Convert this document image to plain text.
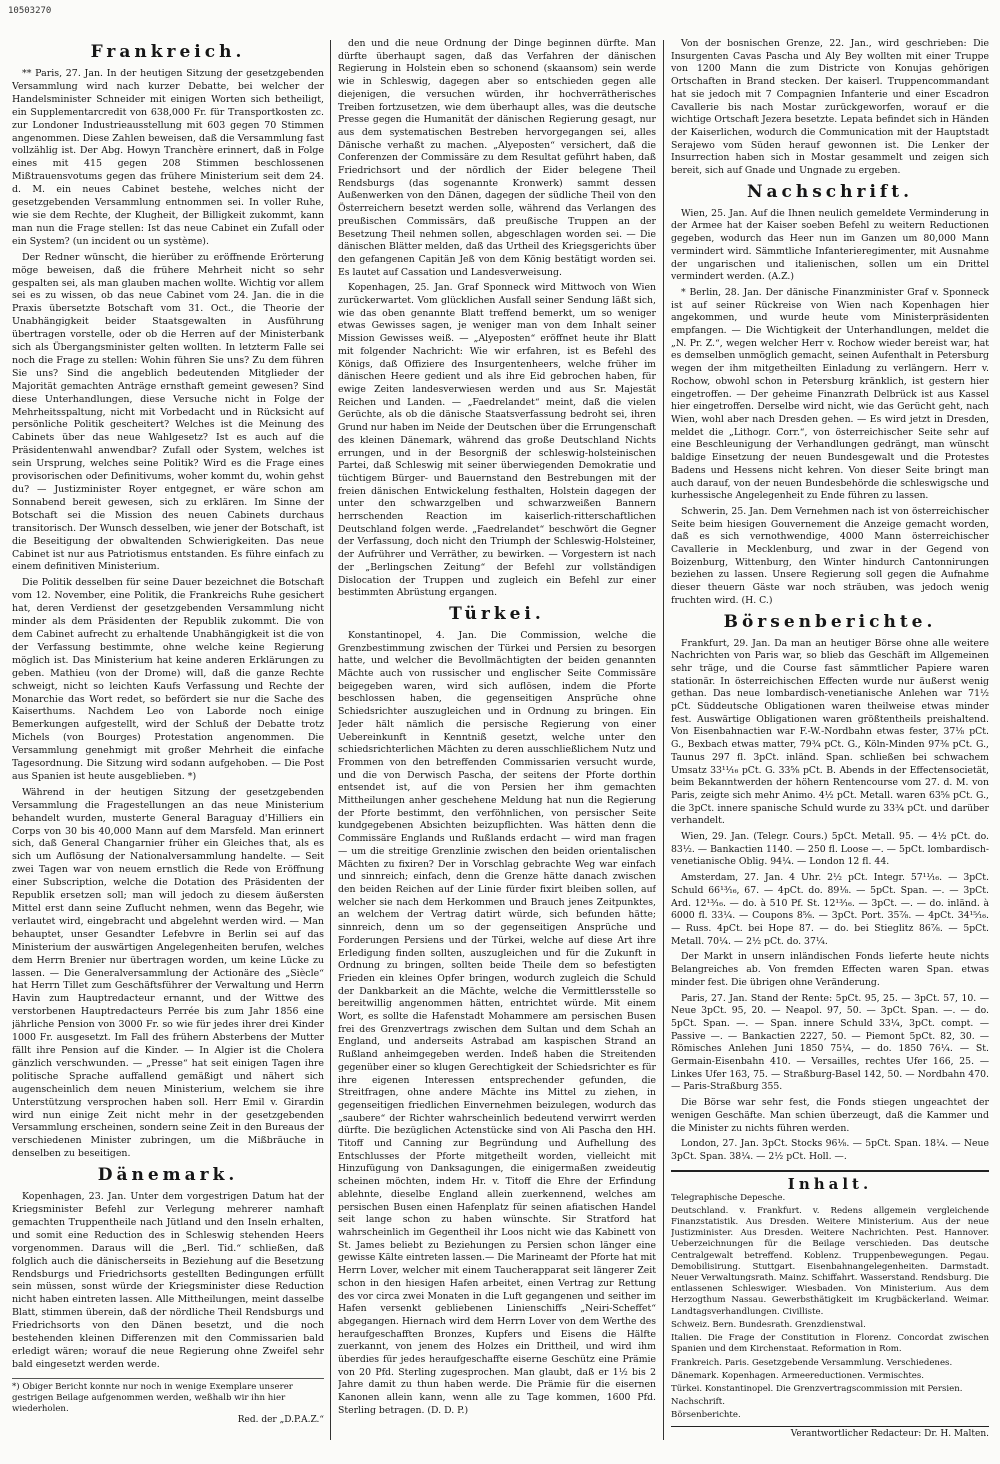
10503270
Frankreich.

** Paris, 27. Jan. In der heutigen Sitzung der gesetzgebenden Versammlung wird nach kurzer Debatte, bei welcher der Handelsminister Schneider mit einigen Worten sich betheiligt, ein Supplementarcredit von 638,000 Fr. für Transportkosten zc. zur Londoner Industrieausstellung mit 603 gegen 70 Stimmen angenommen. Diese Zahlen beweisen, daß die Versammlung fast vollzählig ist. Der Abg. Howyn Tranchère erinnert, daß in Folge eines mit 415 gegen 208 Stimmen beschlossenen Mißtrauensvotums gegen das frühere Ministerium seit dem 24. d. M. ein neues Cabinet bestehe, welches nicht der gesetzgebenden Versammlung entnommen sei. In voller Ruhe, wie sie dem Rechte, der Klugheit, der Billigkeit zukommt, kann man nun die Frage stellen: Ist das neue Cabinet ein Zufall oder ein System? (un incident ou un système).

Der Redner wünscht, die hierüber zu eröffnende Erörterung möge beweisen, daß die frühere Mehrheit nicht so sehr gespalten sei, als man glauben machen wollte. Wichtig vor allem sei es zu wissen, ob das neue Cabinet vom 24. Jan. die in die Praxis übersetzte Botschaft vom 31. Oct., die Theorie der Unabhängigkeit beider Staatsgewalten in Ausführung übertragen vorstelle, oder ob die Herren auf der Ministerbank sich als Übergangsminister gelten wollten. In letzterm Falle sei noch die Frage zu stellen: Wohin führen Sie uns? Zu dem führen Sie uns? Sind die angeblich bedeutenden Mitglieder der Majorität gemachten Anträge ernsthaft gemeint gewesen? Sind diese Unterhandlungen, diese Versuche nicht in Folge der Mehrheitsspaltung, nicht mit Vorbedacht und in Rücksicht auf persönliche Politik gescheitert? Welches ist die Meinung des Cabinets über das neue Wahlgesetz? Ist es auch auf die Präsidentenwahl anwendbar? Zufall oder System, welches ist sein Ursprung, welches seine Politik? Wird es die Frage eines provisorischen oder Definitivums, woher kommt du, wohin gehst du? — Justizminister Royer entgegnet, er wäre schon am Sonnabend bereit gewesen, sich zu erklären. Im Sinne der Botschaft sei die Mission des neuen Cabinets durchaus transitorisch. Der Wunsch desselben, wie jener der Botschaft, ist die Beseitigung der obwaltenden Schwierigkeiten. Das neue Cabinet ist nur aus Patriotismus entstanden. Es führe einfach zu einem definitiven Ministerium.

Die Politik desselben für seine Dauer bezeichnet die Botschaft vom 12. November, eine Politik, die Frankreichs Ruhe gesichert hat, deren Verdienst der gesetzgebenden Versammlung nicht minder als dem Präsidenten der Republik zukommt. Die von dem Cabinet aufrecht zu erhaltende Unabhängigkeit ist die von der Verfassung bestimmte, ohne welche keine Regierung möglich ist. Das Ministerium hat keine anderen Erklärungen zu geben. Mathieu (von der Drome) will, daß die ganze Rechte schweigt, nicht so leichten Kaufs Verfassung und Rechte der Monarchie das Wort redet, so befördert sie nur die Sache des Kaiserthums. Nachdem Leo von Laborde noch einige Bemerkungen aufgestellt, wird der Schluß der Debatte trotz Michels (von Bourges) Protestation angenommen. Die Versammlung genehmigt mit großer Mehrheit die einfache Tagesordnung. Die Sitzung wird sodann aufgehoben. — Die Post aus Spanien ist heute ausgeblieben. *)

Während in der heutigen Sitzung der gesetzgebenden Versammlung die Fragestellungen an das neue Ministerium behandelt wurden, musterte General Baraguay d'Hilliers ein Corps von 30 bis 40,000 Mann auf dem Marsfeld. Man erinnert sich, daß General Changarnier früher ein Gleiches that, als es sich um Auflösung der Nationalversammlung handelte. — Seit zwei Tagen war von neuem ernstlich die Rede von Eröffnung einer Subscription, welche die Dotation des Präsidenten der Republik ersetzen soll; man will jedoch zu diesem äußersten Mittel erst dann seine Zuflucht nehmen, wenn das Begehr, wie verlautet wird, eingebracht und abgelehnt werden wird. — Man behauptet, unser Gesandter Lefebvre in Berlin sei auf das Ministerium der auswärtigen Angelegenheiten berufen, welches dem Herrn Brenier nur übertragen worden, um keine Lücke zu lassen. — Die Generalversammlung der Actionäre des „Siècle“ hat Herrn Tillet zum Geschäftsführer der Verwaltung und Herrn Havin zum Hauptredacteur ernannt, und der Wittwe des verstorbenen Hauptredacteurs Perrée bis zum Jahr 1856 eine jährliche Pension von 3000 Fr. so wie für jedes ihrer drei Kinder 1000 Fr. ausgesetzt. Im Fall des frühern Absterbens der Mutter fällt ihre Pension auf die Kinder. — In Algier ist die Cholera gänzlich verschwunden. — „Presse“ hat seit einigen Tagen ihre politische Sprache auffallend gemäßigt und nähert sich augenscheinlich dem neuen Ministerium, welchem sie ihre Unterstützung versprochen haben soll. Herr Emil v. Girardin wird nun einige Zeit nicht mehr in der gesetzgebenden Versammlung erscheinen, sondern seine Zeit in den Bureaus der verschiedenen Minister zubringen, um die Mißbräuche in denselben zu beseitigen.

Dänemark.

Kopenhagen, 23. Jan. Unter dem vorgestrigen Datum hat der Kriegsminister Befehl zur Verlegung mehrerer namhaft gemachten Truppentheile nach Jütland und den Inseln erhalten, und somit eine Reduction des in Schleswig stehenden Heers vorgenommen. Daraus will die „Berl. Tid.“ schließen, daß folglich auch die dänischerseits in Beziehung auf die Besetzung Rendsburgs und Friedrichsorts gestellten Bedingungen erfüllt sein müssen, sonst würde der Kriegsminister diese Reduction nicht haben eintreten lassen. Alle Mittheilungen, meint dasselbe Blatt, stimmen überein, daß der nördliche Theil Rendsburgs und Friedrichsorts von den Dänen besetzt, und die noch bestehenden kleinen Differenzen mit den Commissarien bald erledigt wären; worauf die neue Regierung ohne Zweifel sehr bald eingesetzt werden werde.

*) Obiger Bericht konnte nur noch in wenige Exemplare unserer gestrigen Beilage aufgenommen werden, weßhalb wir ihn hier wiederholen.
Red. der „D.P.A.Z.“

den und die neue Ordnung der Dinge beginnen dürfte. Man dürfte überhaupt sagen, daß das Verfahren der dänischen Regierung in Holstein eben so schonend (skaansom) sein werde wie in Schleswig, dagegen aber so entschieden gegen alle diejenigen, die versuchen würden, ihr hochverrätherisches Treiben fortzusetzen, wie dem überhaupt alles, was die deutsche Presse gegen die Humanität der dänischen Regierung gesagt, nur aus dem systematischen Bestreben hervorgegangen sei, alles Dänische verhaßt zu machen. „Alyeposten“ versichert, daß die Conferenzen der Commissäre zu dem Resultat geführt haben, daß Friedrichsort und der nördlich der Eider belegene Theil Rendsburgs (das sogenannte Kronwerk) sammt dessen Außenwerken von den Dänen, dagegen der südliche Theil von den Österreichern besetzt werden solle, während das Verlangen des preußischen Commissärs, daß preußische Truppen an der Besetzung Theil nehmen sollen, abgeschlagen worden sei. — Die dänischen Blätter melden, daß das Urtheil des Kriegsgerichts über den gefangenen Capitän Jeß von dem König bestätigt worden sei. Es lautet auf Cassation und Landesverweisung.

Kopenhagen, 25. Jan. Graf Sponneck wird Mittwoch von Wien zurückerwartet. Vom glücklichen Ausfall seiner Sendung läßt sich, wie das oben genannte Blatt treffend bemerkt, um so weniger etwas Gewisses sagen, je weniger man von dem Inhalt seiner Mission Gewisses weiß. — „Alyeposten“ eröffnet heute ihr Blatt mit folgender Nachricht: Wie wir erfahren, ist es Befehl des Königs, daß Offiziere des Insurgentenheers, welche früher im dänischen Heere gedient und als ihre Eid gebrochen haben, für ewige Zeiten landesverwiesen werden und aus Sr. Majestät Reichen und Landen. — „Faedrelandet“ meint, daß die vielen Gerüchte, als ob die dänische Staatsverfassung bedroht sei, ihren Grund nur haben im Neide der Deutschen über die Errungenschaft des kleinen Dänemark, während das große Deutschland Nichts errungen, und in der Besorgniß der schleswig-holsteinischen Partei, daß Schleswig mit seiner überwiegenden Demokratie und tüchtigem Bürger- und Bauernstand den Bestrebungen mit der freien dänischen Entwickelung festhalten, Holstein dagegen der unter den schwarzgelben und schwarzweißen Bannern herrschenden Reaction im kaiserlich-ritterschaftlichen Deutschland folgen werde. „Faedrelandet“ beschwört die Gegner der Verfassung, doch nicht den Triumph der Schleswig-Holsteiner, der Aufrührer und Verräther, zu bewirken. — Vorgestern ist nach der „Berlingschen Zeitung“ der Befehl zur vollständigen Dislocation der Truppen und zugleich ein Befehl zur einer bestimmten Abrüstung ergangen.

Türkei.

Konstantinopel, 4. Jan. Die Commission, welche die Grenzbestimmung zwischen der Türkei und Persien zu besorgen hatte, und welcher die Bevollmächtigten der beiden genannten Mächte auch von russischer und englischer Seite Commissäre beigegeben waren, wird sich auflösen, indem die Pforte beschlossen haben, die gegenseitigen Ansprüche ohne Schiedsrichter auszugleichen und in Ordnung zu bringen. Ein Jeder hält nämlich die persische Regierung von einer Uebereinkunft in Kenntniß gesetzt, welche unter den schiedsrichterlichen Mächten zu deren ausschließlichem Nutz und Frommen von den betreffenden Commissarien versucht wurde, und die von Derwisch Pascha, der seitens der Pforte dorthin entsendet ist, auf die von Persien her ihm gemachten Mittheilungen anher geschehene Meldung hat nun die Regierung der Pforte bestimmt, den verföhnlichen, von persischer Seite kundgegebenen Absichten beizupflichten. Was hätten denn die Commissäre Englands und Rußlands erdacht — wird man fragen — um die streitige Grenzlinie zwischen den beiden orientalischen Mächten zu fixiren? Der in Vorschlag gebrachte Weg war einfach und sinnreich; einfach, denn die Grenze hätte danach zwischen den beiden Reichen auf der Linie fürder fixirt bleiben sollen, auf welcher sie nach dem Herkommen und Brauch jenes Zeitpunktes, an welchem der Vertrag datirt würde, sich befunden hätte; sinnreich, denn um so der gegenseitigen Ansprüche und Forderungen Persiens und der Türkei, welche auf diese Art ihre Erledigung finden sollten, auszugleichen und für die Zukunft in Ordnung zu bringen, sollten beide Theile dem so befestigten Frieden ein kleines Opfer bringen, wodurch zugleich die Schuld der Dankbarkeit an die Mächte, welche die Vermittlersstelle so bereitwillig angenommen hätten, entrichtet würde. Mit einem Wort, es sollte die Hafenstadt Mohammere am persischen Busen frei des Grenzvertrags zwischen dem Sultan und dem Schah an England, und anderseits Astrabad am kaspischen Strand an Rußland anheimgegeben werden. Indeß haben die Streitenden gegenüber einer so klugen Gerechtigkeit der Schiedsrichter es für ihre eigenen Interessen entsprechender gefunden, die Streitfragen, ohne andere Mächte ins Mittel zu ziehen, in gegenseitigen friedlichen Einvernehmen beizulegen, wodurch das „saubere“ der Richter wahrscheinlich bedeutend verwirrt werden dürfte. Die bezüglichen Actenstücke sind von Ali Pascha den HH. Titoff und Canning zur Begründung und Aufhellung des Entschlusses der Pforte mitgetheilt worden, vielleicht mit Hinzufügung von Danksagungen, die einigermaßen zweideutig scheinen möchten, indem Hr. v. Titoff die Ehre der Erfindung ablehnte, dieselbe England allein zuerkennend, welches am persischen Busen einen Hafenplatz für seinen afiatischen Handel seit lange schon zu haben wünschte. Sir Stratford hat wahrscheinlich im Gegentheil ihr Loos nicht wie das Kabinett von St. James beliebt zu Beziehungen zu Persien schon länger eine gewisse Kälte eintreten lassen.— Die Marineamt der Pforte hat mit Herrn Lover, welcher mit einem Taucherapparat seit längerer Zeit schon in den hiesigen Hafen arbeitet, einen Vertrag zur Rettung des vor circa zwei Monaten in die Luft gegangenen und seither im Hafen versenkt gebliebenen Linienschiffs „Neiri-Scheffet“ abgegangen. Hiernach wird dem Herrn Lover von dem Werthe des heraufgeschafften Bronzes, Kupfers und Eisens die Hälfte zuerkannt, von jenem des Holzes ein Drittheil, und wird ihm überdies für jedes heraufgeschaffte eiserne Geschütz eine Prämie von 20 Pfd. Sterling zugesprochen. Man glaubt, daß er 1½ bis 2 Jahre damit zu thun haben werde. Die Prämie für die eisernen Kanonen allein kann, wenn alle zu Tage kommen, 1600 Pfd. Sterling betragen. (D. D. P.)

Von der bosnischen Grenze, 22. Jan., wird geschrieben: Die Insurgenten Cavas Pascha und Aly Bey wollten mit einer Truppe von 1200 Mann die zum Districte von Konujas gehörigen Ortschaften in Brand stecken. Der kaiserl. Truppencommandant hat sie jedoch mit 7 Compagnien Infanterie und einer Escadron Cavallerie bis nach Mostar zurückgeworfen, worauf er die wichtige Ortschaft Jezera besetzte. Lepata befindet sich in Händen der Kaiserlichen, wodurch die Communication mit der Hauptstadt Serajewo vom Süden herauf gewonnen ist. Die Lenker der Insurrection haben sich in Mostar gesammelt und zeigen sich bereit, sich auf Gnade und Ungnade zu ergeben.

Nachschrift.

Wien, 25. Jan. Auf die Ihnen neulich gemeldete Verminderung in der Armee hat der Kaiser soeben Befehl zu weitern Reductionen gegeben, wodurch das Heer nun im Ganzen um 80,000 Mann vermindert wird. Sämmtliche Infanterieregimenter, mit Ausnahme der ungarischen und italienischen, sollen um ein Drittel vermindert werden. (A.Z.)

* Berlin, 28. Jan. Der dänische Finanzminister Graf v. Sponneck ist auf seiner Rückreise von Wien nach Kopenhagen hier angekommen, und wurde heute vom Ministerpräsidenten empfangen. — Die Wichtigkeit der Unterhandlungen, meldet die „N. Pr. Z.“, wegen welcher Herr v. Rochow wieder bereist war, hat es demselben unmöglich gemacht, seinen Aufenthalt in Petersburg wegen der ihm mitgetheilten Einladung zu verlängern. Herr v. Rochow, obwohl schon in Petersburg kränklich, ist gestern hier eingetroffen. — Der geheime Finanzrath Delbrück ist aus Kassel hier eingetroffen. Derselbe wird nicht, wie das Gerücht geht, nach Wien, wohl aber nach Dresden gehen. — Es wird jetzt in Dresden, meldet die „Lithogr. Corr.“, von österreichischer Seite sehr auf eine Beschleunigung der Verhandlungen gedrängt, man wünscht baldige Einsetzung der neuen Bundesgewalt und die Protestes Badens und Hessens nicht kehren. Von dieser Seite bringt man auch darauf, von der neuen Bundesbehörde die schleswigsche und kurhessische Angelegenheit zu Ende führen zu lassen.

Schwerin, 25. Jan. Dem Vernehmen nach ist von österreichischer Seite beim hiesigen Gouvernement die Anzeige gemacht worden, daß es sich vernothwendige, 4000 Mann österreichischer Cavallerie in Mecklenburg, und zwar in der Gegend von Boizenburg, Wittenburg, den Winter hindurch Cantonnirungen beziehen zu lassen. Unsere Regierung soll gegen die Aufnahme dieser theuern Gäste war noch sträuben, was jedoch wenig fruchten wird. (H. C.)

Börsenberichte.

Frankfurt, 29. Jan. Da man an heutiger Börse ohne alle weitere Nachrichten von Paris war, so blieb das Geschäft im Allgemeinen sehr träge, und die Course fast sämmtlicher Papiere waren stationär. In österreichischen Effecten wurde nur äußerst wenig gethan. Das neue lombardisch-venetianische Anlehen war 71½ pCt. Süddeutsche Obligationen waren theilweise etwas minder fest. Auswärtige Obligationen waren größtentheils preishaltend. Von Eisenbahnactien war F.-W.-Nordbahn etwas fester, 37⅛ pCt. G., Bexbach etwas matter, 79¾ pCt. G., Köln-Minden 97⅜ pCt. G., Taunus 297 fl. 3pCt. inländ. Span. schließen bei schwachem Umsatz 33¹¹⁄₁₆ pCt. G. 33⅝ pCt. B. Abends in der Effectensocietät, beim Bekanntwerden der höhern Rentencourse vom 27. d. M. von Paris, zeigte sich mehr Animo. 4½ pCt. Metall. waren 63⅝ pCt. G., die 3pCt. innere spanische Schuld wurde zu 33¾ pCt. und darüber verhandelt.

Wien, 29. Jan. (Telegr. Cours.) 5pCt. Metall. 95. — 4½ pCt. do. 83½. — Bankactien 1140. — 250 fl. Loose —. — 5pCt. lombardisch-venetianische Oblig. 94¼. — London 12 fl. 44.

Amsterdam, 27. Jan. 4 Uhr. 2½ pCt. Integr. 57¹¹⁄₁₆. — 3pCt. Schuld 66¹³⁄₁₆, 67. — 4pCt. do. 89⅛. — 5pCt. Span. —. — 3pCt. Ard. 12¹³⁄₁₆. — do. à 510 Pf. St. 12¹³⁄₁₆. — 3pCt. —. — do. inländ. à 6000 fl. 33¼. — Coupons 8⅝. — 3pCt. Port. 35⅞. — 4pCt. 34¹⁵⁄₁₆. — Russ. 4pCt. bei Hope 87. — do. bei Stieglitz 86⅞. — 5pCt. Metall. 70¼. — 2½ pCt. do. 37¼.

Der Markt in unsern inländischen Fonds lieferte heute nichts Belangreiches ab. Von fremden Effecten waren Span. etwas minder fest. Die übrigen ohne Veränderung.

Paris, 27. Jan. Stand der Rente: 5pCt. 95, 25. — 3pCt. 57, 10. — Neue 3pCt. 95, 20. — Neapol. 97, 50. — 3pCt. Span. —. — do. 5pCt. Span. —. — Span. innere Schuld 33¼, 3pCt. compt. — Passive —. — Bankactien 2227, 50. — Piemont 5pCt. 82, 30. — Römisches Anlehen Juni 1850 75¼, — do. 1850 76¼. — St. Germain-Eisenbahn 410. — Versailles, rechtes Ufer 166, 25. — Linkes Ufer 163, 75. — Straßburg-Basel 142, 50. — Nordbahn 470. — Paris-Straßburg 355.

Die Börse war sehr fest, die Fonds stiegen ungeachtet der wenigen Geschäfte. Man schien überzeugt, daß die Kammer und die Minister zu nichts führen werden.

London, 27. Jan. 3pCt. Stocks 96⅛. — 5pCt. Span. 18¼. — Neue 3pCt. Span. 38¼. — 2½ pCt. Holl. —.

Inhalt.

Telegraphische Depesche.

Deutschland. v. Frankfurt. v. Redens allgemein vergleichende Finanzstatistik. Aus Dresden. Weitere Ministerium. Aus der neue Justizminister. Aus Dresden. Weitere Nachrichten. Pest. Hannover. Ueberzeichnungen für die Beilage verschieden. Das deutsche Centralgewalt betreffend. Koblenz. Truppenbewegungen. Pegau. Demobilisirung. Stuttgart. Eisenbahnangelegenheiten. Darmstadt. Neuer Verwaltungsrath. Mainz. Schiffahrt. Wasserstand. Rendsburg. Die entlassenen Schleswiger. Wiesbaden. Von Ministerium. Aus dem Herzogthum Nassau. Gewerbsthätigkeit im Krugbäckerland. Weimar. Landtagsverhandlungen. Civilliste.

Schweiz. Bern. Bundesrath. Grenzdienstwal.

Italien. Die Frage der Constitution in Florenz. Concordat zwischen Spanien und dem Kirchenstaat. Reformation in Rom.

Frankreich. Paris. Gesetzgebende Versammlung. Verschiedenes.

Dänemark. Kopenhagen. Armeereductionen. Vermischtes.

Türkei. Konstantinopel. Die Grenzvertragscommission mit Persien.

Nachschrift.

Börsenberichte.

Verantwortlicher Redacteur: Dr. H. Malten.
